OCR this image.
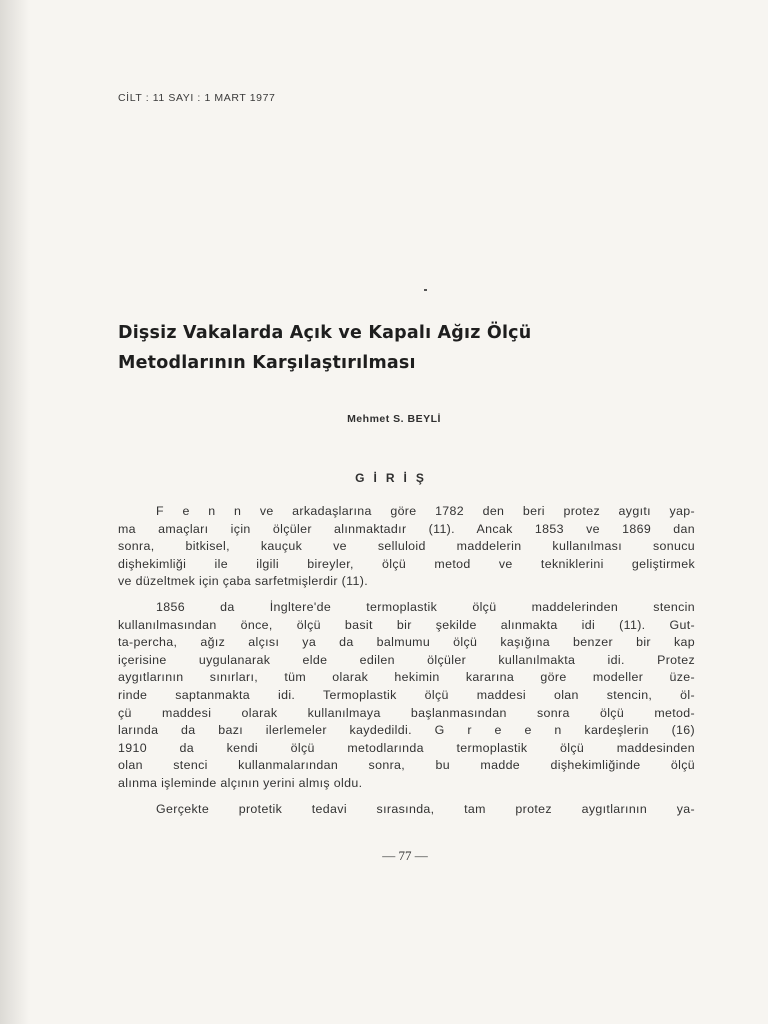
CİLT : 11 SAYI : 1 MART 1977
Dişsiz Vakalarda Açık ve Kapalı Ağız Ölçü
Metodlarının Karşılaştırılması
Mehmet S. BEYLİ
GİRİŞ
F e n n ve arkadaşlarına göre 1782 den beri protez aygıtı yap-
ma amaçları için ölçüler alınmaktadır (11). Ancak 1853 ve 1869 dan
sonra, bitkisel, kauçuk ve selluloid maddelerin kullanılması sonucu
dişhekimliği ile ilgili bireyler, ölçü metod ve tekniklerini geliştirmek
ve düzeltmek için çaba sarfetmişlerdir (11).
1856 da İngltere'de termoplastik ölçü maddelerinden stencin
kullanılmasından önce, ölçü basit bir şekilde alınmakta idi (11). Gut-
ta-percha, ağız alçısı ya da balmumu ölçü kaşığına benzer bir kap
içerisine uygulanarak elde edilen ölçüler kullanılmakta idi. Protez
aygıtlarının sınırları, tüm olarak hekimin kararına göre modeller üze-
rinde saptanmakta idi. Termoplastik ölçü maddesi olan stencin, öl-
çü maddesi olarak kullanılmaya başlanmasından sonra ölçü metod-
larında da bazı ilerlemeler kaydedildi. G r e e n kardeşlerin (16)
1910 da kendi ölçü metodlarında termoplastik ölçü maddesinden
olan stenci kullanmalarından sonra, bu madde dişhekimliğinde ölçü
alınma işleminde alçının yerini almış oldu.
Gerçekte protetik tedavi sırasında, tam protez aygıtlarının ya-
— 77 —
